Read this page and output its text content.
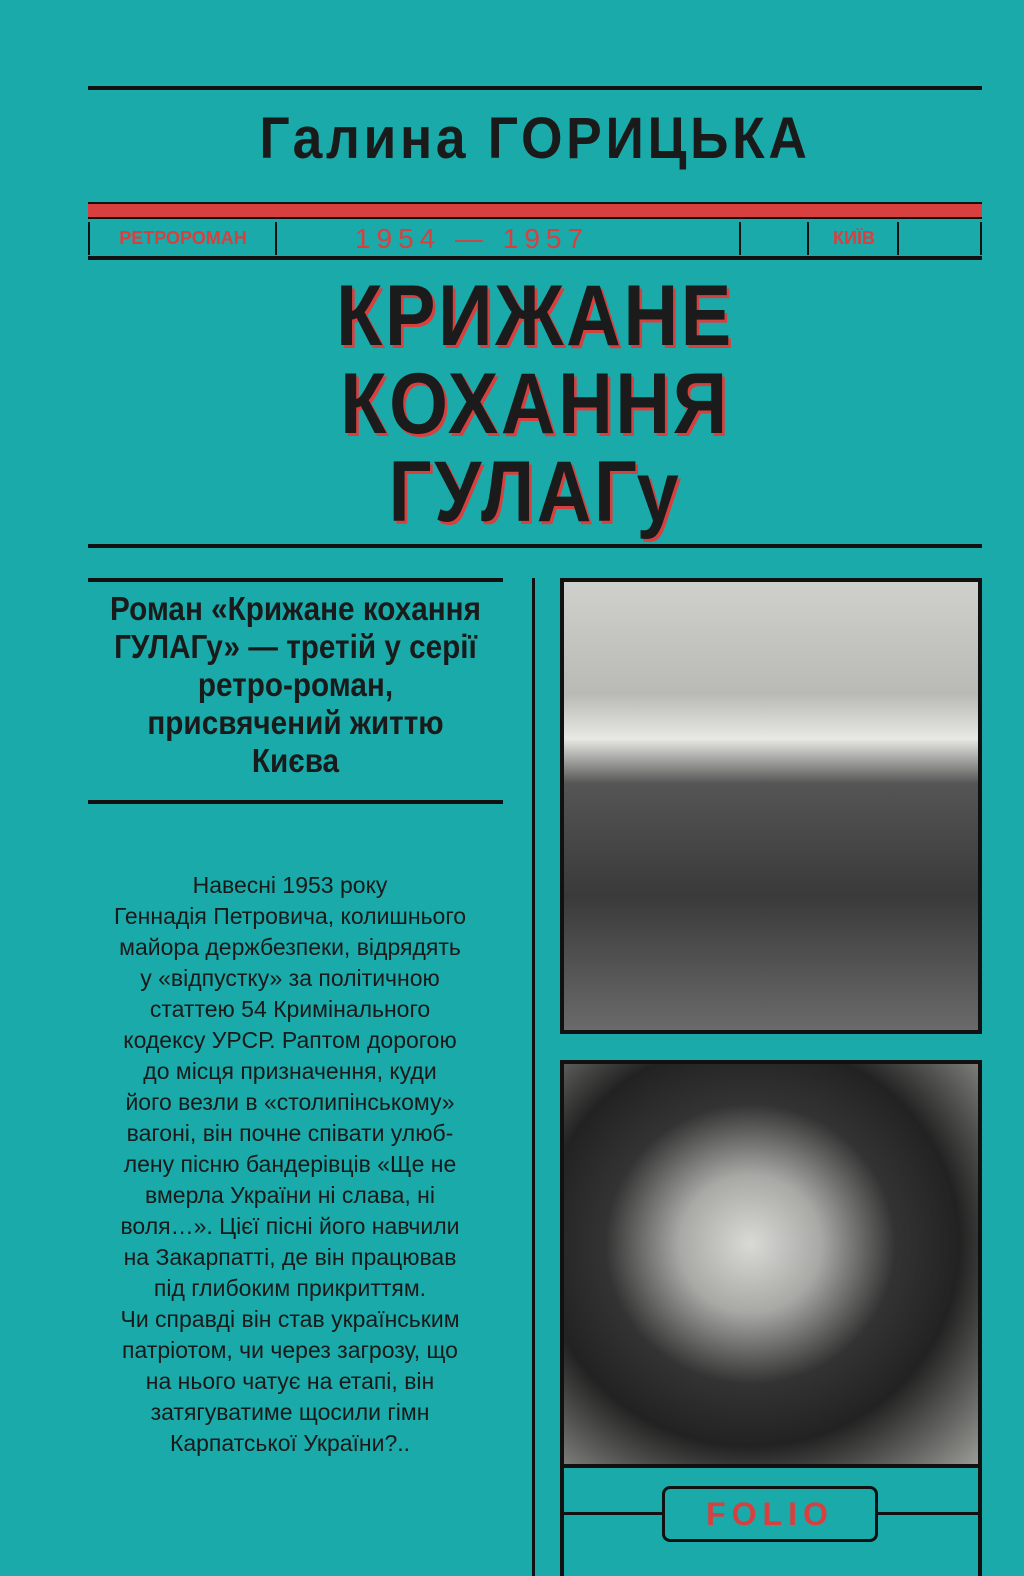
Галина ГОРИЦЬКА
РЕТРОРОМАН	1954 — 1957	КИЇВ
КРИЖАНЕ
КОХАННЯ
ГУЛАГу
Роман «Крижане кохання ГУЛАГу» — третій у серії ретро-роман, присвячений життю Києва
Навесні 1953 року
Геннадія Петровича, колишнього
майора держбезпеки, відрядять
у «відпустку» за політичною
статтею 54 Кримінального
кодексу УРСР. Раптом дорогою
до місця призначення, куди
його везли в «столипінському»
вагоні, він почне співати улюб-
лену пісню бандерівців «Ще не
вмерла України ні слава, ні
воля…». Цієї пісні його навчили
на Закарпатті, де він працював
під глибоким прикриттям.
Чи справді він став українським
патріотом, чи через загрозу, що
на нього чатує на етапі, він
затягуватиме щосили гімн
Карпатської України?..
FOLIO
